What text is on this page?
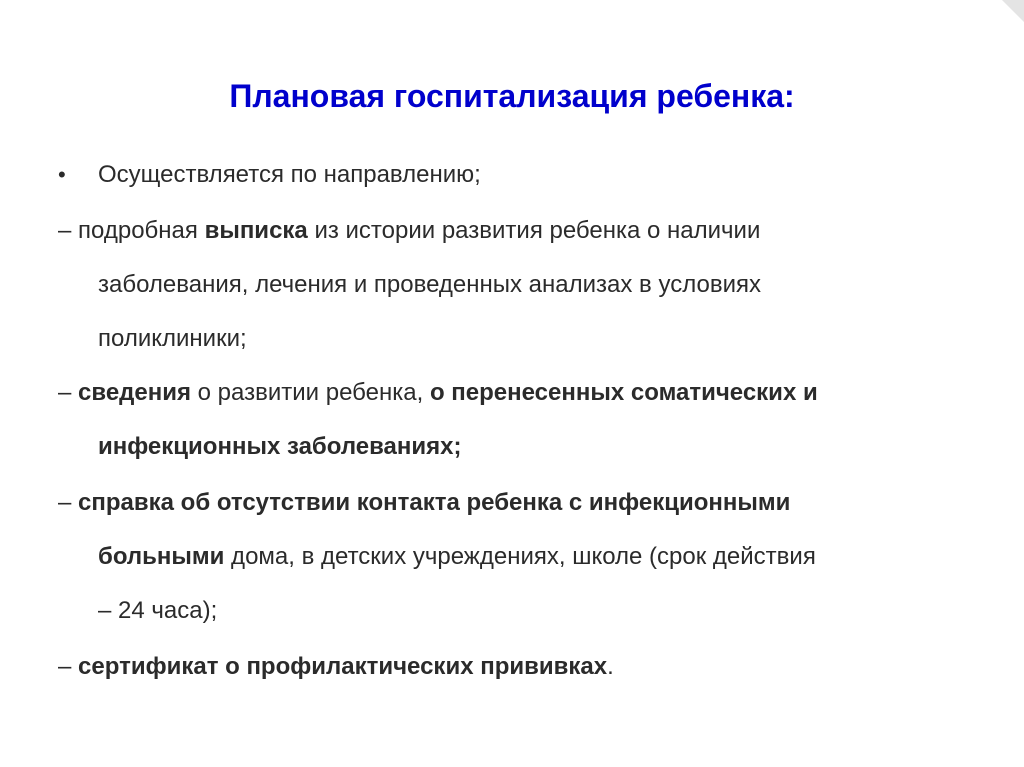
Плановая госпитализация ребенка:
• Осуществляется по направлению;
– подробная выписка из истории развития ребенка о наличии
заболевания, лечения и проведенных анализах в условиях
поликлиники;
– сведения о развитии ребенка, о перенесенных соматических и
инфекционных заболеваниях;
– справка об отсутствии контакта ребенка с инфекционными
больными дома, в детских учреждениях, школе (срок действия
– 24 часа);
– сертификат о профилактических прививках.
